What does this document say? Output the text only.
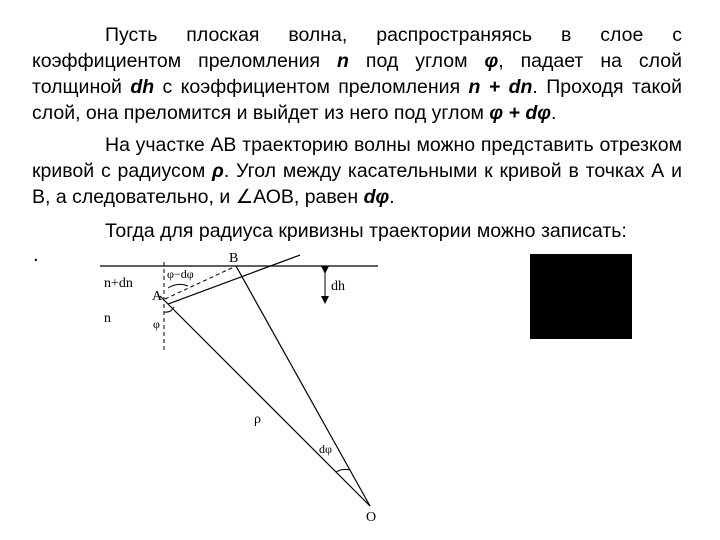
Пусть плоская волна, распространяясь в слое с коэффициентом преломления n под углом φ, падает на слой толщиной dh с коэффициентом преломления n + dn. Проходя такой слой, она преломится и выйдет из него под углом φ + dφ.

На участке АВ траекторию волны можно представить отрезком кривой с радиусом ρ. Угол между касательными к кривой в точках А и В, а следовательно, и ∠АОВ, равен dφ.

Тогда для радиуса кривизны траектории можно записать:

.	B
A
O
n+dn
n
dh
φ−dφ
φ
ρ
dφ
